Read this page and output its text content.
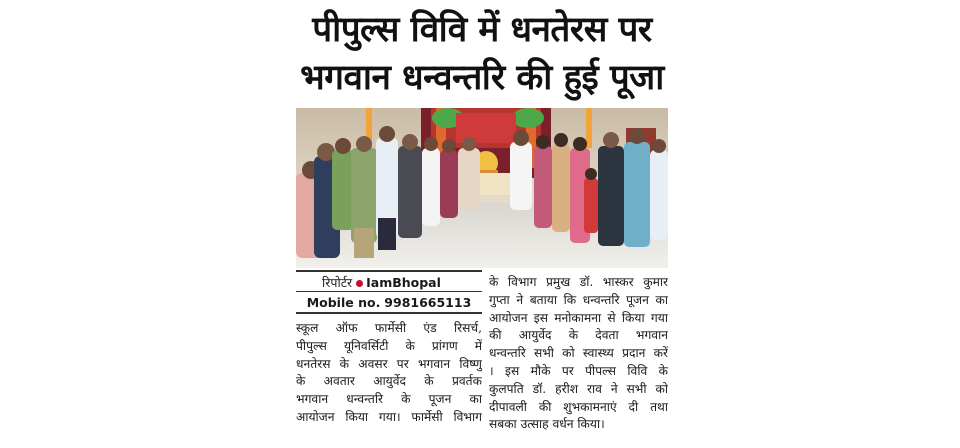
पीपुल्स विवि में धनतेरस पर
भगवान धन्वन्तरि की हुई पूजा
रिपोर्टर IamBhopal
Mobile no. 9981665113
स्कूल ऑफ फार्मेसी एंड रिसर्च,
पीपुल्स यूनिवर्सिटी के प्रांगण में
धनतेरस के अवसर पर भगवान विष्णु
के अवतार आयुर्वेद के प्रवर्तक
भगवान धन्वन्तरि के पूजन का
आयोजन किया गया। फार्मेसी विभाग
के विभाग प्रमुख डॉ. भास्कर कुमार
गुप्ता ने बताया कि धन्वन्तरि पूजन का
आयोजन इस मनोकामना से किया गया
की आयुर्वेद के देवता भगवान
धन्वन्तरि सभी को स्वास्थ्य प्रदान करें
। इस मौके पर पीपल्स विवि के
कुलपति डॉ. हरीश राव ने सभी को
दीपावली की शुभकामनाएं दी तथा
सबका उत्साह वर्धन किया।
